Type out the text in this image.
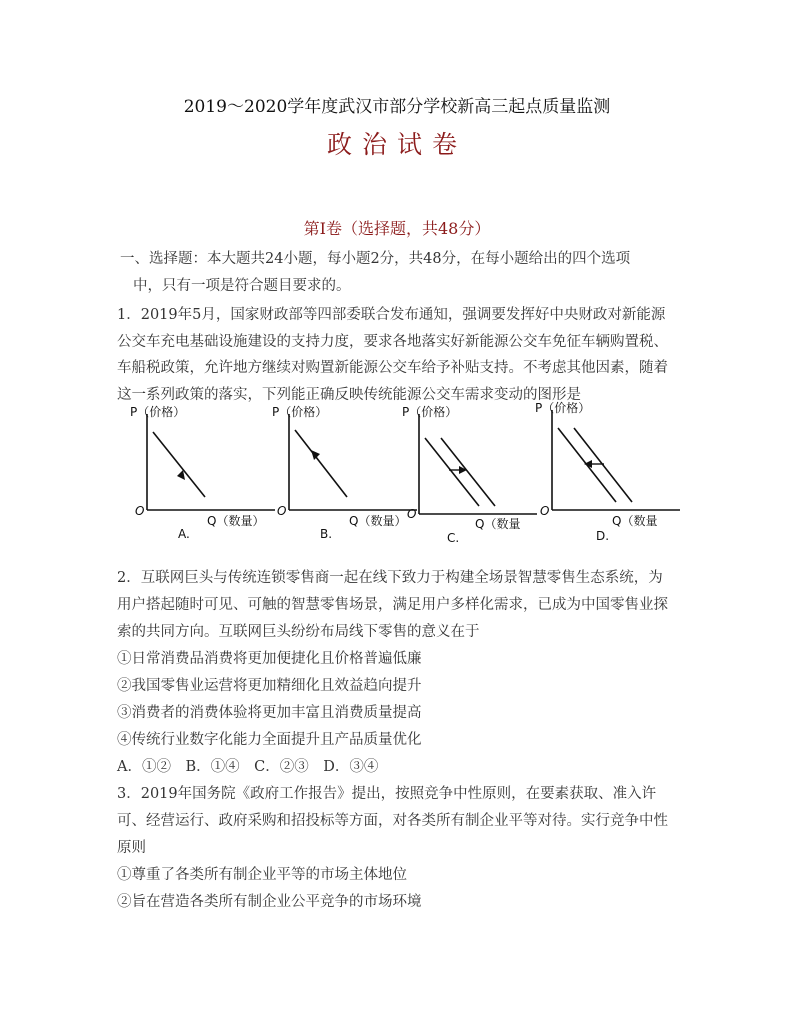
2019～2020学年度武汉市部分学校新高三起点质量监测
政治试卷
第Ⅰ卷（选择题，共48分）
一、选择题：本大题共24小题，每小题2分，共48分，在每小题给出的四个选项
中，只有一项是符合题目要求的。
1．2019年5月，国家财政部等四部委联合发布通知，强调要发挥好中央财政对新能源
公交车充电基础设施建设的支持力度，要求各地落实好新能源公交车免征车辆购置税、
车船税政策，允许地方继续对购置新能源公交车给予补贴支持。不考虑其他因素，随着
这一系列政策的落实，下列能正确反映传统能源公交车需求变动的图形是
P（价格）
O
Q（数量）
A.
P（价格）
O
Q（数量）
B.
P（价格）
O
Q（数量
C.
P（价格）
O
Q（数量
D.
2．互联网巨头与传统连锁零售商一起在线下致力于构建全场景智慧零售生态系统，为
用户搭起随时可见、可触的智慧零售场景，满足用户多样化需求，已成为中国零售业探
索的共同方向。互联网巨头纷纷布局线下零售的意义在于
①日常消费品消费将更加便捷化且价格普遍低廉
②我国零售业运营将更加精细化且效益趋向提升
③消费者的消费体验将更加丰富且消费质量提高
④传统行业数字化能力全面提升且产品质量优化
A．①②　B．①④　C．②③　D．③④
3．2019年国务院《政府工作报告》提出，按照竞争中性原则，在要素获取、准入许
可、经营运行、政府采购和招投标等方面，对各类所有制企业平等对待。实行竞争中性
原则
①尊重了各类所有制企业平等的市场主体地位
②旨在营造各类所有制企业公平竞争的市场环境
